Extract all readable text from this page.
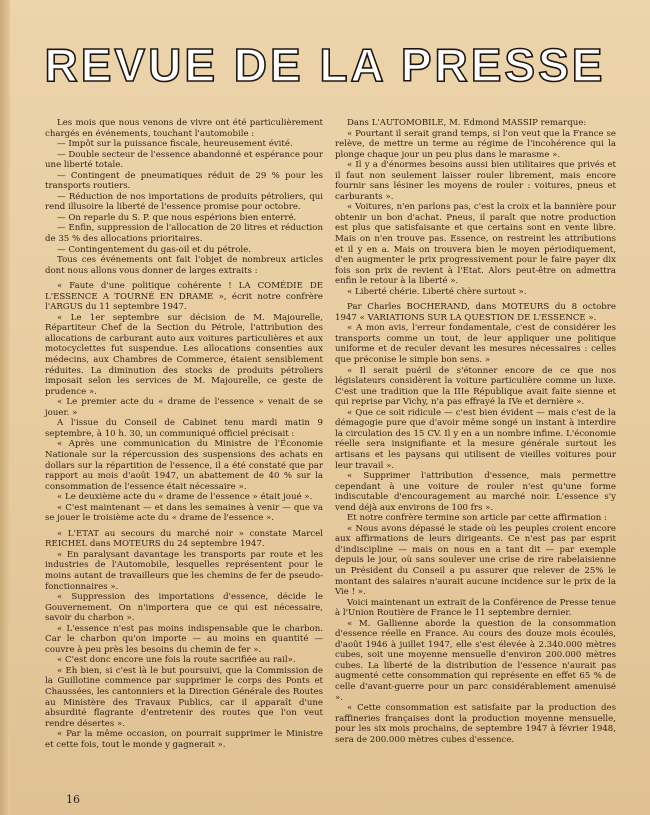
REVUE DE LA PRESSE

Les mois que nous venons de vivre ont été particulièrement chargés en événements, touchant l'automobile :

— Impôt sur la puissance fiscale, heureusement évité.

— Double secteur de l'essence abandonné et espérance pour une liberté totale.

— Contingent de pneumatiques réduit de 29 % pour les transports routiers.

— Réduction de nos importations de produits pétroliers, qui rend illusoire la liberté de l'essence promise pour octobre.

— On reparle du S. P. que nous espérions bien enterré.

— Enfin, suppression de l'allocation de 20 litres et réduction de 35 % des allocations prioritaires.

— Contingentement du gas-oil et du pétrole.

Tous ces événements ont fait l'objet de nombreux articles dont nous allons vous donner de larges extraits :

« Faute d'une politique cohérente ! LA COMÉDIE DE L'ESSENCE A TOURNÉ EN DRAME », écrit notre confrère l'ARGUS du 11 septembre 1947.

« Le 1er septembre sur décision de M. Majourelle, Répartiteur Chef de la Section du Pétrole, l'attribution des allocations de carburant auto aux voitures particulières et aux motocyclettes fut suspendue. Les allocations consenties aux médecins, aux Chambres de Commerce, étaient sensiblement réduites. La diminution des stocks de produits pétroliers imposait selon les services de M. Majourelle, ce geste de prudence ».

« Le premier acte du « drame de l'essence » venait de se jouer. »

A l'issue du Conseil de Cabinet tenu mardi matin 9 septembre, à 10 h. 30, un communiqué officiel précisait :

« Après une communication du Ministre de l'Économie Nationale sur la répercussion des suspensions des achats en dollars sur la répartition de l'essence, il a été constaté que par rapport au mois d'août 1947, un abattement de 40 % sur la consommation de l'essence était nécessaire ».

« Le deuxième acte du « drame de l'essence » était joué ».

« C'est maintenant — et dans les semaines à venir — que va se jouer le troisième acte du « drame de l'essence ».

« L'ETAT au secours du marché noir » constate Marcel REICHEL dans MOTEURS du 24 septembre 1947.

« En paralysant davantage les transports par route et les industries de l'Automobile, lesquelles représentent pour le moins autant de travailleurs que les chemins de fer de pseudo-fonctionnaires ».

« Suppression des importations d'essence, décide le Gouvernement. On n'importera que ce qui est nécessaire, savoir du charbon ».

« L'essence n'est pas moins indispensable que le charbon. Car le charbon qu'on importe — au moins en quantité — couvre à peu près les besoins du chemin de fer ».

« C'est donc encore une fois la route sacrifiée au rail».

« Eh bien, si c'est là le but poursuivi, que la Commission de la Guillotine commence par supprimer le corps des Ponts et Chaussées, les cantonniers et la Direction Générale des Routes au Ministère des Travaux Publics, car il apparaît d'une absurdité flagrante d'entretenir des routes que l'on veut rendre désertes ».

« Par la même occasion, on pourrait supprimer le Ministre et cette fois, tout le monde y gagnerait ».

Dans L'AUTOMOBILE, M. Edmond MASSIP remarque:

« Pourtant il serait grand temps, si l'on veut que la France se relève, de mettre un terme au régime de l'incohérence qui la plonge chaque jour un peu plus dans le marasme ».

« Il y a d'énormes besoins aussi bien utilitaires que privés et il faut non seulement laisser rouler librement, mais encore fournir sans lésiner les moyens de rouler : voitures, pneus et carburants ».

« Voitures, n'en parlons pas, c'est la croix et la bannière pour obtenir un bon d'achat. Pneus, il paraît que notre production est plus que satisfaisante et que certains sont en vente libre. Mais on n'en trouve pas. Essence, on restreint les attributions et il y en a. Mais on trouvera bien le moyen périodiquement, d'en augmenter le prix progressivement pour le faire payer dix fois son prix de revient à l'Etat. Alors peut-être on admettra enfin le retour à la liberté ».

« Liberté chérie. Liberté chère surtout ».

Par Charles BOCHERAND, dans MOTEURS du 8 octobre 1947 « VARIATIONS SUR LA QUESTION DE L'ESSENCE ».

« A mon avis, l'erreur fondamentale, c'est de considérer les transports comme un tout, de leur appliquer une politique uniforme et de reculer devant les mesures nécessaires : celles que préconise le simple bon sens. »

« Il serait puéril de s'étonner encore de ce que nos législateurs considèrent la voiture particulière comme un luxe. C'est une tradition que la IIIe République avait faite sienne et qui reprise par Vichy, n'a pas effrayé la IVe et dernière ».

« Que ce soit ridicule — c'est bien évident — mais c'est de la démagogie pure que d'avoir même songé un instant à interdire la circulation des 15 CV. Il y en a un nombre infime. L'économie réelle sera insignifiante et la mesure générale surtout les artisans et les paysans qui utilisent de vieilles voitures pour leur travail ».

« Supprimer l'attribution d'essence, mais permettre cependant à une voiture de rouler n'est qu'une forme indiscutable d'encouragement au marché noir. L'essence s'y vend déjà aux environs de 100 frs ».

Et notre confrère termine son article par cette affirmation :

« Nous avons dépassé le stade où les peuples croient encore aux affirmations de leurs dirigeants. Ce n'est pas par esprit d'indiscipline — mais on nous en a tant dit — par exemple depuis le jour, où sans soulever une crise de rire rabelaisienne un Président du Conseil a pu assurer que relever de 25% le montant des salaires n'aurait aucune incidence sur le prix de la Vie ! ».

Voici maintenant un extrait de la Conférence de Presse tenue à l'Union Routière de France le 11 septembre dernier.

« M. Gallienne aborde la question de la consommation d'essence réelle en France. Au cours des douze mois écoulés, d'août 1946 à juillet 1947, elle s'est élevée à 2.340.000 mètres cubes, soit une moyenne mensuelle d'environ 200.000 mètres cubes. La liberté de la distribution de l'essence n'aurait pas augmenté cette consommation qui représente en effet 65 % de celle d'avant-guerre pour un parc considérablement amenuisé ».

« Cette consommation est satisfaite par la production des raffineries françaises dont la production moyenne mensuelle, pour les six mois prochains, de septembre 1947 à février 1948, sera de 200.000 mètres cubes d'essence.

16
